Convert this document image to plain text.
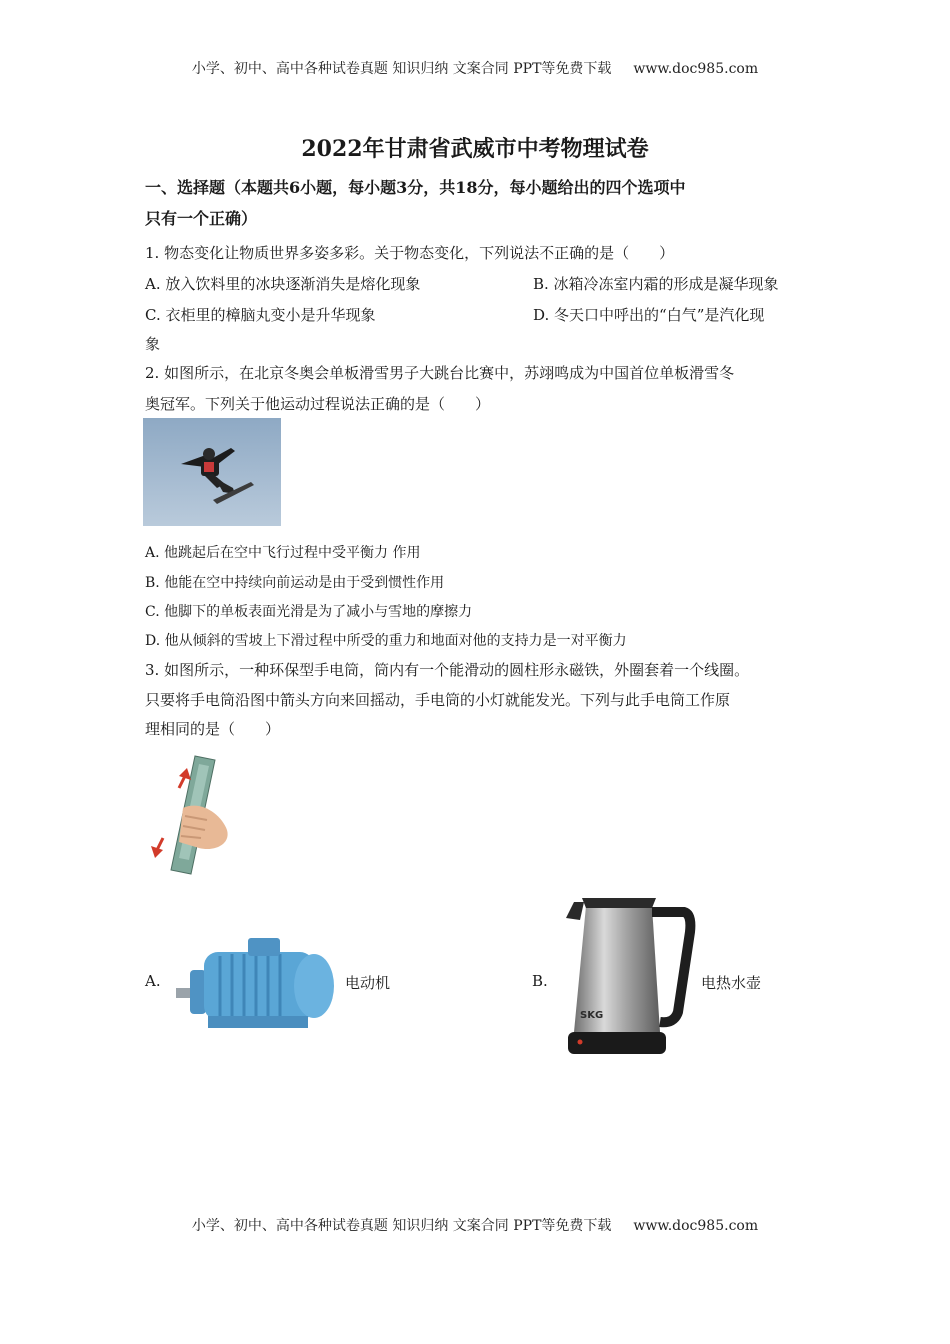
小学、初中、高中各种试卷真题 知识归纳 文案合同 PPT等免费下载 www.doc985.com
2022年甘肃省武威市中考物理试卷
一、选择题（本题共6小题，每小题3分，共18分，每小题给出的四个选项中
只有一个正确）
1. 物态变化让物质世界多姿多彩。关于物态变化，下列说法不正确的是（　　）
A. 放入饮料里的冰块逐渐消失是熔化现象	B. 冰箱冷冻室内霜的形成是凝华现象
C. 衣柜里的樟脑丸变小是升华现象	D. 冬天口中呼出的“白气”是汽化现
象
2. 如图所示，在北京冬奥会单板滑雪男子大跳台比赛中，苏翊鸣成为中国首位单板滑雪冬
奥冠军。下列关于他运动过程说法正确的是（　　）
A. 他跳起后在空中飞行过程中受平衡力 作用
B. 他能在空中持续向前运动是由于受到惯性作用
C. 他脚下的单板表面光滑是为了减小与雪地的摩擦力
D. 他从倾斜的雪坡上下滑过程中所受的重力和地面对他的支持力是一对平衡力
3. 如图所示，一种环保型手电筒，筒内有一个能滑动的圆柱形永磁铁，外圈套着一个线圈。
只要将手电筒沿图中箭头方向来回摇动，手电筒的小灯就能发光。下列与此手电筒工作原
理相同的是（　　）
A.	电动机	B.
SKG
电热水壶
小学、初中、高中各种试卷真题 知识归纳 文案合同 PPT等免费下载 www.doc985.com
